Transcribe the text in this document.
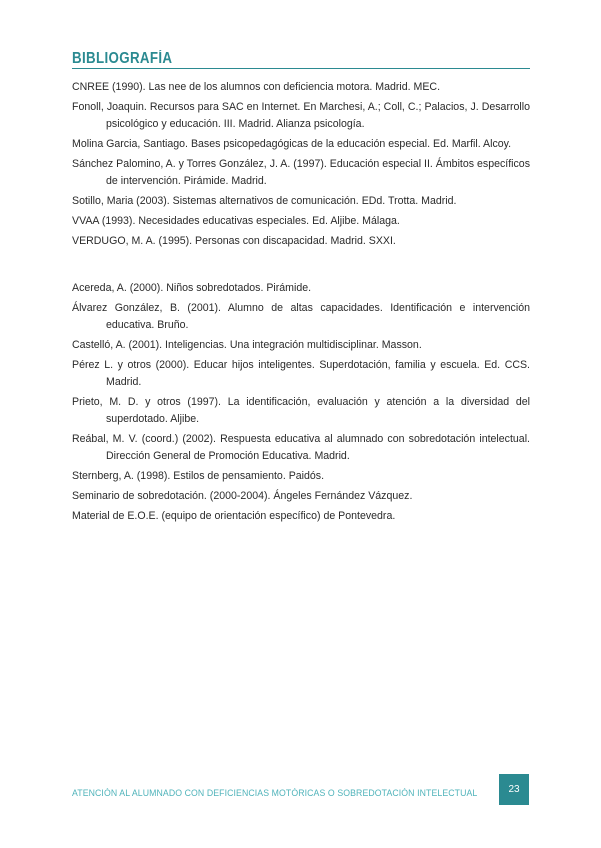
BIBLIOGRAFÍA

CNREE (1990). Las nee de los alumnos con deficiencia motora. Madrid. MEC.

Fonoll, Joaquin. Recursos para SAC en Internet. En Marchesi, A.; Coll, C.; Palacios, J. Desarrollo psicológico y educación. III. Madrid. Alianza psicología.

Molina Garcia, Santiago. Bases psicopedagógicas de la educación especial. Ed. Marfil. Alcoy.

Sánchez Palomino, A. y Torres González, J. A. (1997). Educación especial II. Ámbitos específicos de intervención. Pirámide. Madrid.

Sotillo, Maria (2003). Sistemas alternativos de comunicación. EDd. Trotta. Madrid.

VVAA (1993). Necesidades educativas especiales. Ed. Aljibe. Málaga.

VERDUGO, M. A. (1995). Personas con discapacidad. Madrid. SXXI.

Acereda, A. (2000). Niños sobredotados. Pirámide.

Álvarez González, B. (2001). Alumno de altas capacidades. Identificación e intervención educativa. Bruño.

Castelló, A. (2001). Inteligencias. Una integración multidisciplinar. Masson.

Pérez L. y otros (2000). Educar hijos inteligentes. Superdotación, familia y escuela. Ed. CCS. Madrid.

Prieto, M. D. y otros (1997). La identificación, evaluación y atención a la diversidad del superdotado. Aljibe.

Reábal, M. V. (coord.) (2002). Respuesta educativa al alumnado con sobredotación intelectual. Dirección General de Promoción Educativa. Madrid.

Sternberg, A. (1998). Estilos de pensamiento. Paidós.

Seminario de sobredotación. (2000-2004). Ángeles Fernández Vázquez.

Material de E.O.E. (equipo de orientación específico) de Pontevedra.

ATENCIÓN AL ALUMNADO CON DEFICIENCIAS MOTÓRICAS O SOBREDOTACIÓN INTELECTUAL	23
